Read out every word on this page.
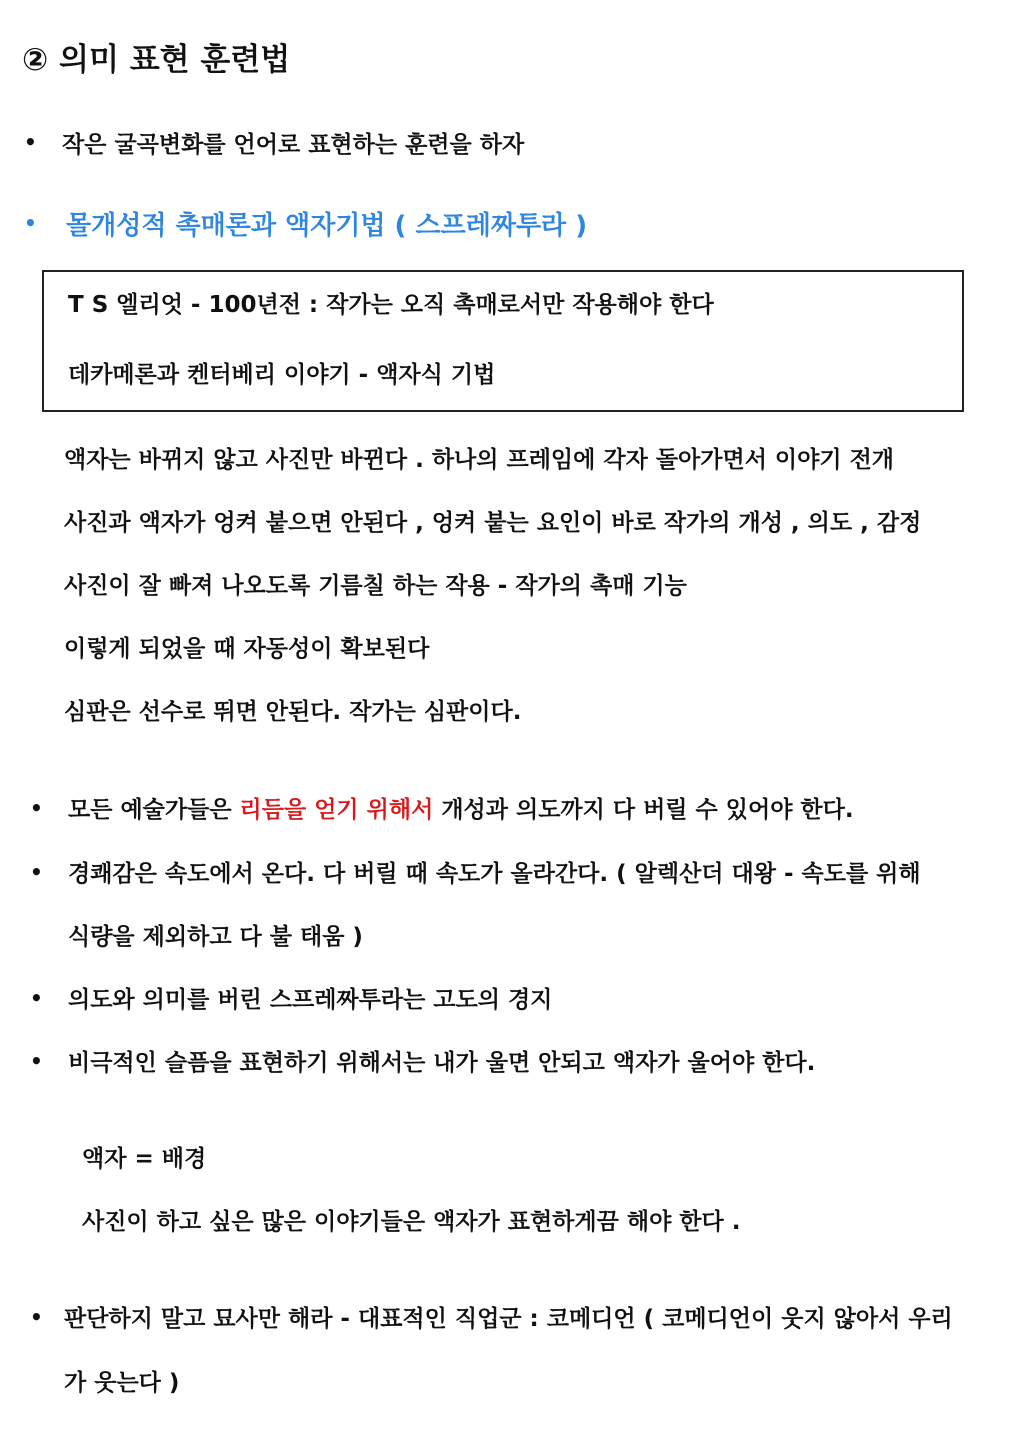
② 의미 표현 훈련법
• 작은 굴곡변화를 언어로 표현하는 훈련을 하자
• 몰개성적 촉매론과 액자기법 ( 스프레짜투라 )
T S 엘리엇 - 100년전 : 작가는 오직 촉매로서만 작용해야 한다
데카메론과 켄터베리 이야기 - 액자식 기법
액자는 바뀌지 않고 사진만 바뀐다 . 하나의 프레임에 각자 돌아가면서 이야기 전개
사진과 액자가 엉켜 붙으면 안된다 , 엉켜 붙는 요인이 바로 작가의 개성 , 의도 , 감정
사진이 잘 빠져 나오도록 기름칠 하는 작용 - 작가의 촉매 기능
이렇게 되었을 때 자동성이 확보된다
심판은 선수로 뛰면 안된다. 작가는 심판이다.
• 모든 예술가들은 리듬을 얻기 위해서 개성과 의도까지 다 버릴 수 있어야 한다.
• 경쾌감은 속도에서 온다. 다 버릴 때 속도가 올라간다. ( 알렉산더 대왕 - 속도를 위해
식량을 제외하고 다 불 태움 )
• 의도와 의미를 버린 스프레짜투라는 고도의 경지
• 비극적인 슬픔을 표현하기 위해서는 내가 울면 안되고 액자가 울어야 한다.
액자 = 배경
사진이 하고 싶은 많은 이야기들은 액자가 표현하게끔 해야 한다 .
• 판단하지 말고 묘사만 해라 - 대표적인 직업군 : 코메디언 ( 코메디언이 웃지 않아서 우리
가 웃는다 )
